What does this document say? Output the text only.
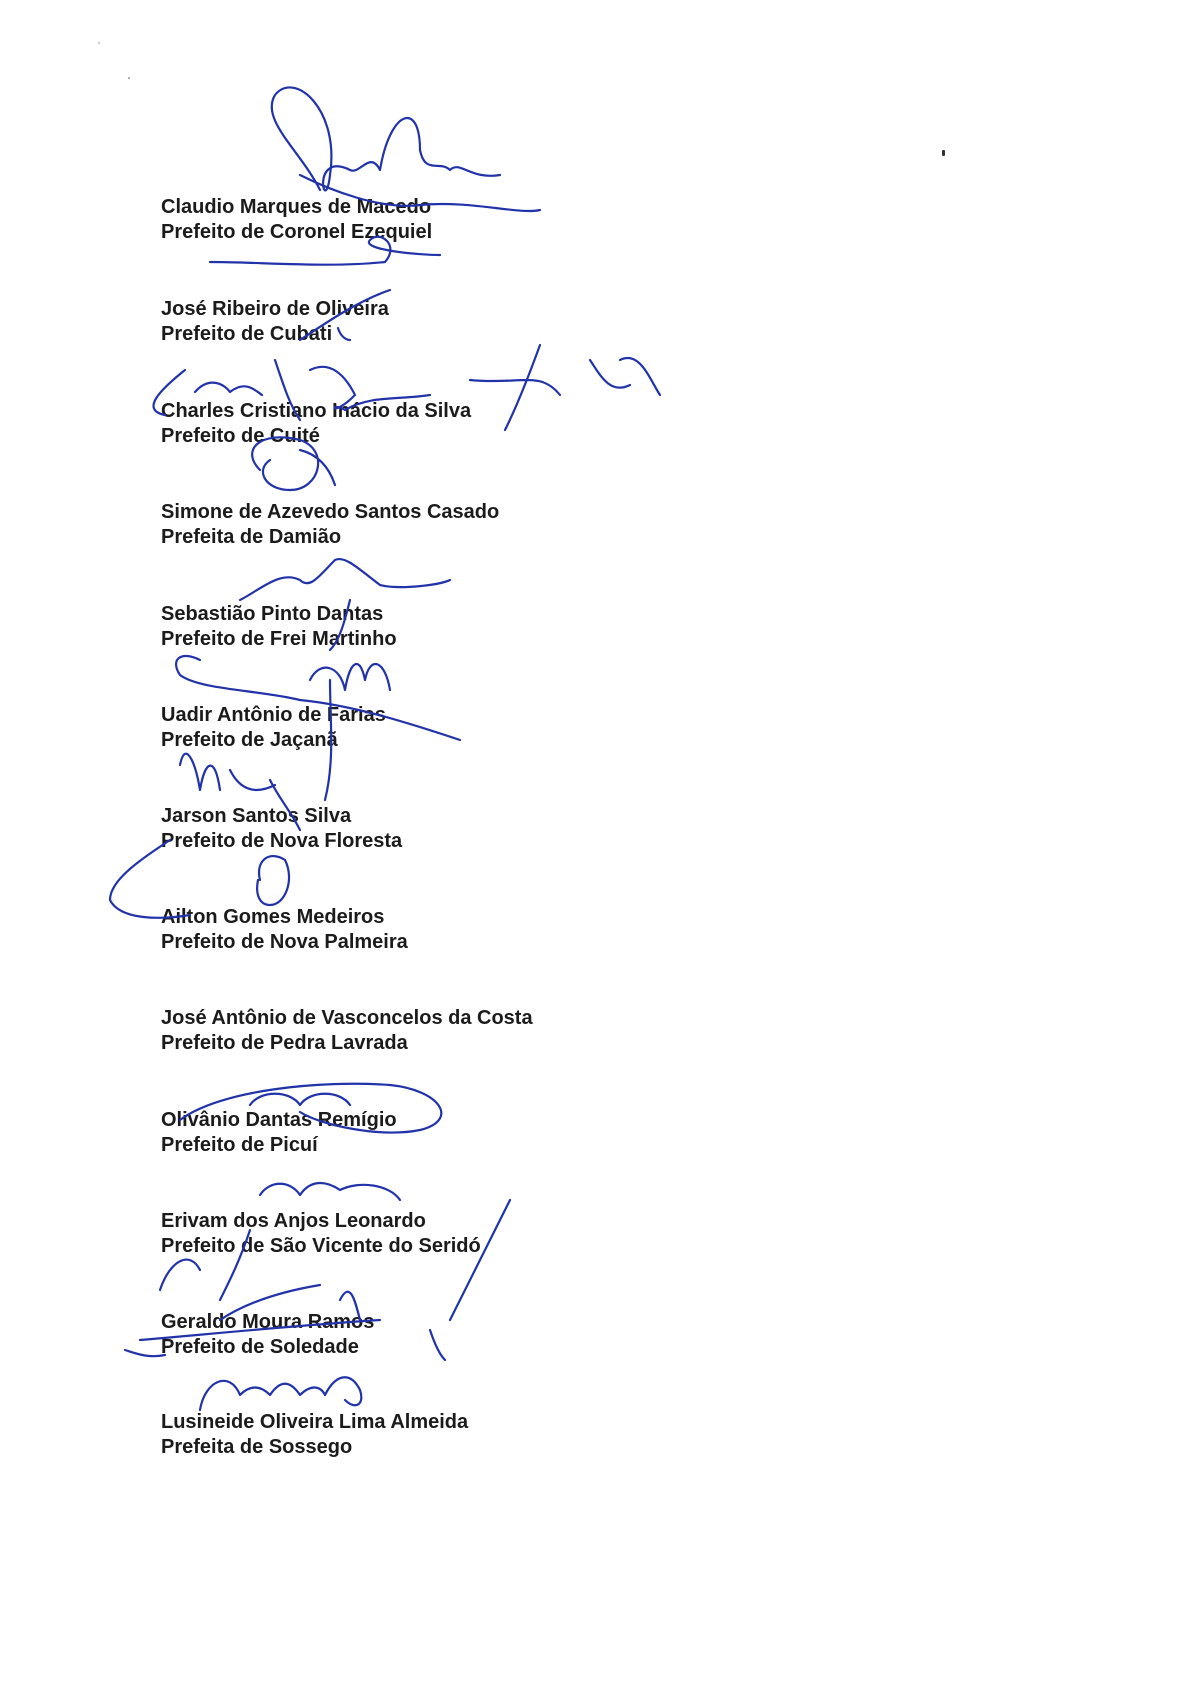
Claudio Marques de Macedo
Prefeito de Coronel Ezequiel
José Ribeiro de Oliveira
Prefeito de Cubati
Charles Cristiano Inácio da Silva
Prefeito de Cuité
Simone de Azevedo Santos Casado
Prefeita de Damião
Sebastião Pinto Dantas
Prefeito de Frei Martinho
Uadir Antônio de Farias
Prefeito de Jaçanã
Jarson Santos Silva
Prefeito de Nova Floresta
Ailton Gomes Medeiros
Prefeito de Nova Palmeira
José Antônio de Vasconcelos da Costa
Prefeito de Pedra Lavrada
Olivânio Dantas Remígio
Prefeito de Picuí
Erivam dos Anjos Leonardo
Prefeito de São Vicente do Seridó
Geraldo Moura Ramos
Prefeito de Soledade
Lusineide Oliveira Lima Almeida
Prefeita de Sossego
